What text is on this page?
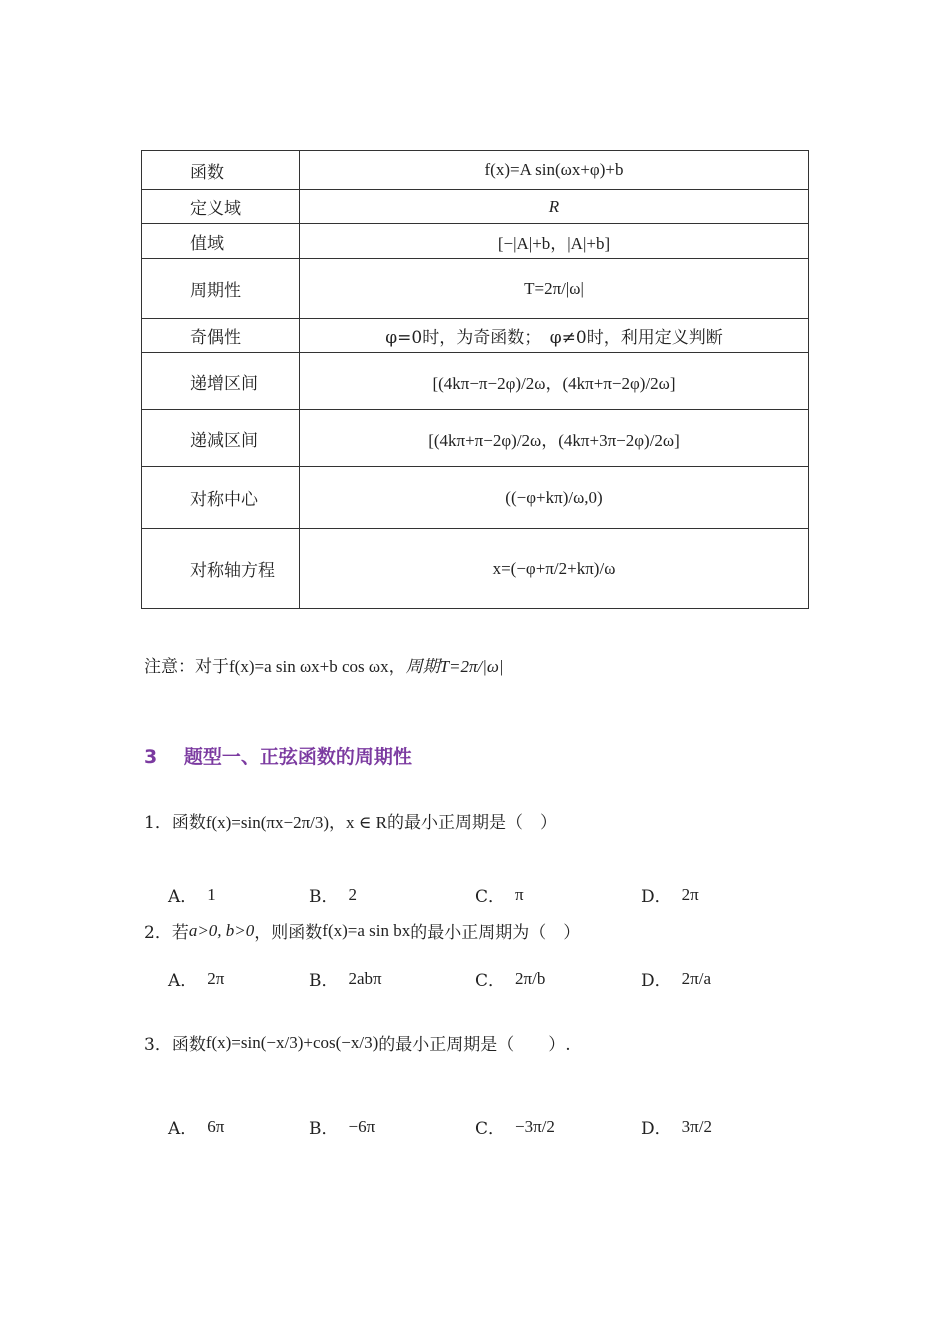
函数	f(x)=A sin(ωx+φ)+b
定义域	R
值域	[−|A|+b，|A|+b]
周期性	T=2π/|ω|
奇偶性	φ=0时，为奇函数；　φ≠0时，利用定义判断
递增区间	[(4kπ−π−2φ)/2ω，(4kπ+π−2φ)/2ω]
递减区间	[(4kπ+π−2φ)/2ω，(4kπ+3π−2φ)/2ω]
对称中心	((−φ+kπ)/ω,0)
对称轴方程	x=(−φ+π/2+kπ)/ω
注意：对于 f(x)=a sin ωx+b cos ωx， 周期T=2π/|ω|
3 题型一、正弦函数的周期性
1．函数 f(x)=sin(πx−2π/3)，x ∈ R 的最小正周期是（　）
A． 1	B． 2	C． π	D． 2π
2．若 a>0, b>0 ，则函数 f(x)=a sin bx 的最小正周期为（　）
A． 2π	B． 2abπ	C． 2π/b	D． 2π/a
3．函数 f(x)=sin(−x/3)+cos(−x/3) 的最小正周期是（　　）.
A． 6π	B． −6π	C． −3π/2	D． 3π/2
